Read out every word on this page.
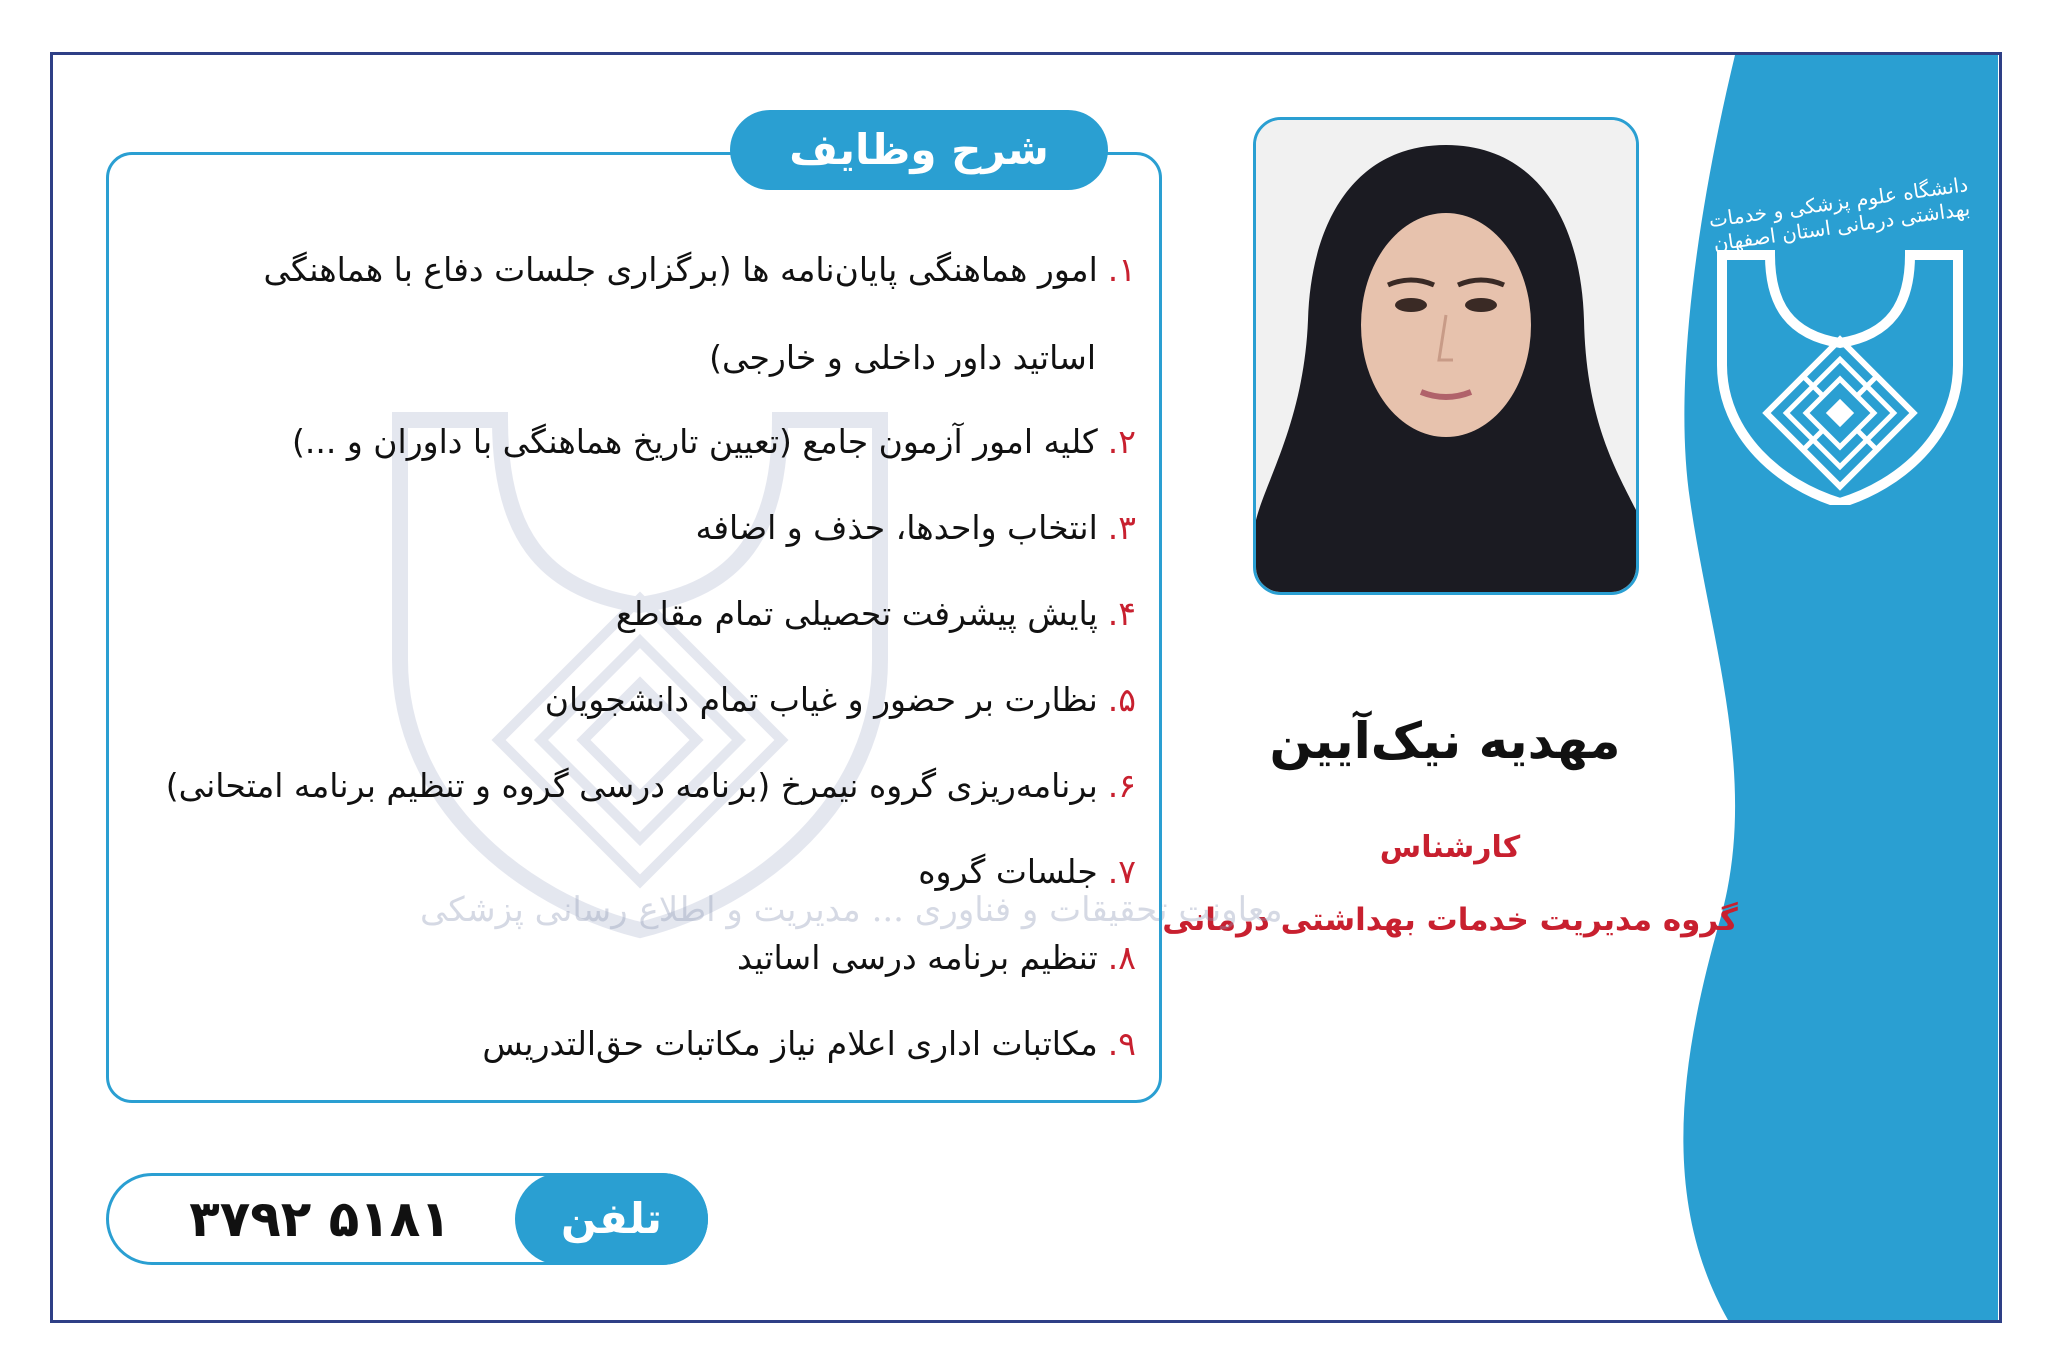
دانشگاه علوم پزشکی و خدمات بهداشتی درمانی استان اصفهان
مهدیه نیک‌آیین
کارشناس
گروه مدیریت خدمات بهداشتی درمانی
معاونت تحقیقات و فناوری ... مدیریت و اطلاع رسانی پزشکی
شرح وظایف
۱.امور هماهنگی پایان‌نامه ها (برگزاری جلسات دفاع با هماهنگی
اساتید داور داخلی و خارجی)
۲.کلیه امور آزمون جامع (تعیین تاریخ هماهنگی با داوران و ...)
۳.انتخاب واحدها، حذف و اضافه
۴.پایش پیشرفت تحصیلی تمام مقاطع
۵.نظارت بر حضور و غیاب تمام دانشجویان
۶.برنامه‌ریزی گروه نیمرخ (برنامه درسی گروه و تنظیم برنامه امتحانی)
۷.جلسات گروه
۸.تنظیم برنامه درسی اساتید
۹.مکاتبات اداری اعلام نیاز مکاتبات حق‌التدریس
تلفن
۳۷۹۲ ۵۱۸۱
